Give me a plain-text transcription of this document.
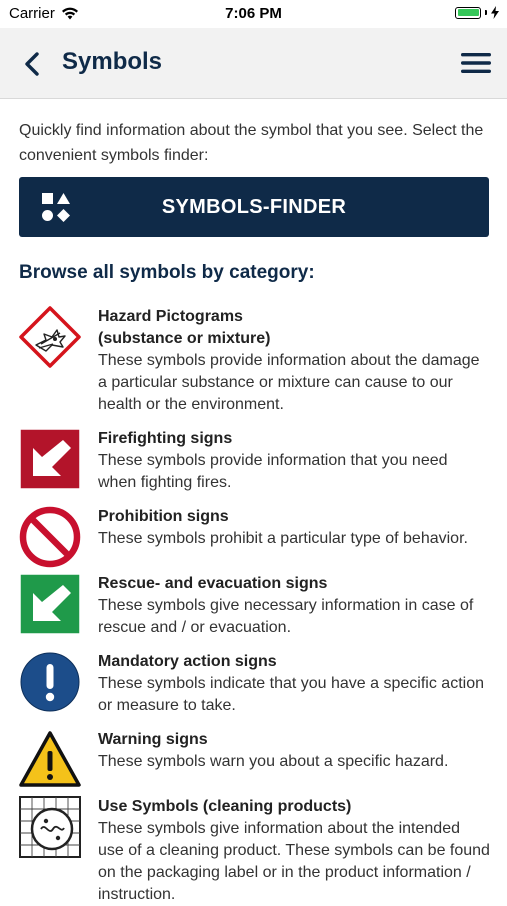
Carrier	7:06 PM
Symbols
Quickly find information about the symbol that you see. Select the convenient symbols finder:
SYMBOLS-FINDER
Browse all symbols by category:
Hazard Pictograms
(substance or mixture)
These symbols provide information about the damage a particular substance or mixture can cause to our health or the environment.
Firefighting signs
These symbols provide information that you need when fighting fires.
Prohibition signs
These symbols prohibit a particular type of behavior.
Rescue- and evacuation signs
These symbols give necessary information in case of rescue and / or evacuation.
Mandatory action signs
These symbols indicate that you have a specific action or measure to take.
Warning signs
These symbols warn you about a specific hazard.
Use Symbols (cleaning products)
These symbols give information about the intended use of a cleaning product. These symbols can be found on the packaging label or in the product information / instruction.
